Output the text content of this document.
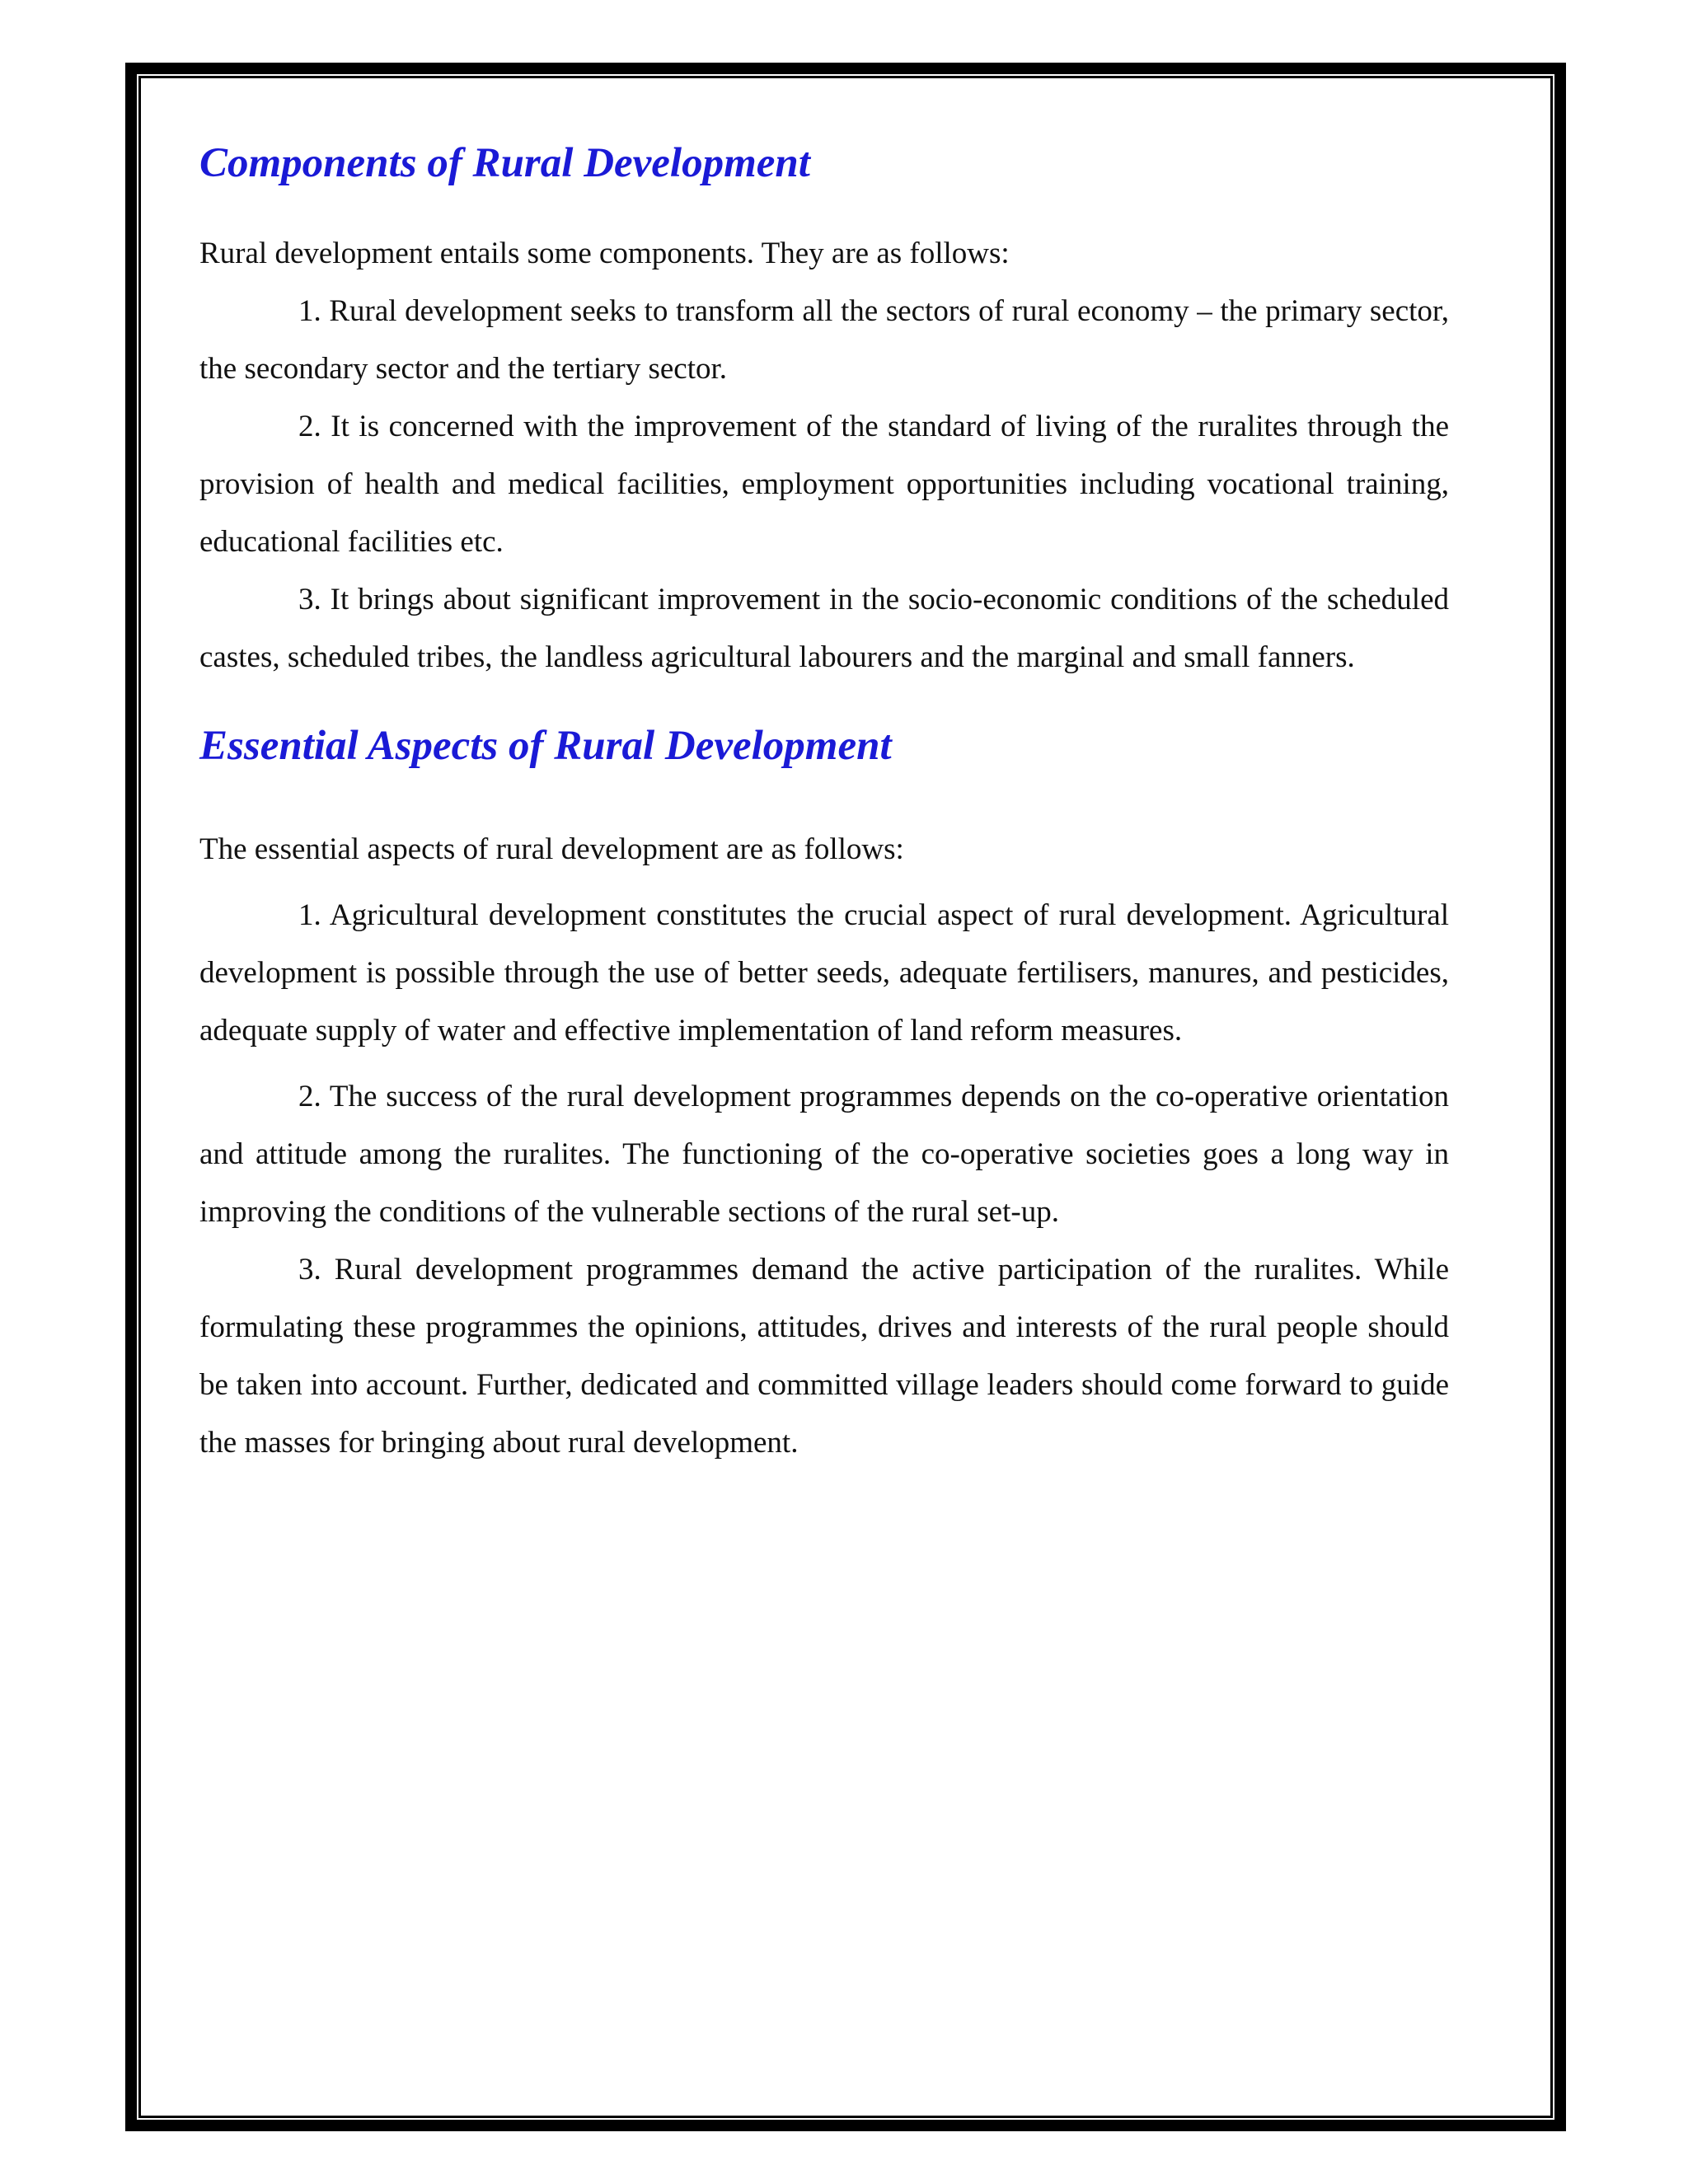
Components of Rural Development

Rural development entails some components. They are as follows:

1. Rural development seeks to transform all the sectors of rural economy – the primary sector, the secondary sector and the tertiary sector.

2. It is concerned with the improvement of the standard of living of the ruralites through the provision of health and medical facilities, employment opportunities including vocational training, educational facilities etc.

3. It brings about significant improvement in the socio-economic conditions of the scheduled castes, scheduled tribes, the landless agricultural labourers and the marginal and small fanners.

Essential Aspects of Rural Development

The essential aspects of rural development are as follows:

1. Agricultural development constitutes the crucial aspect of rural development. Agricultural development is possible through the use of better seeds, adequate fertilisers, manures, and pesticides, adequate supply of water and effective implementation of land reform measures.

2. The success of the rural development programmes depends on the co-operative orientation and attitude among the ruralites. The functioning of the co-operative societies goes a long way in improving the conditions of the vulnerable sections of the rural set-up.

3. Rural development programmes demand the active participation of the ruralites. While formulating these programmes the opinions, attitudes, drives and interests of the rural people should be taken into account. Further, dedicated and committed village leaders should come forward to guide the masses for bringing about rural development.
